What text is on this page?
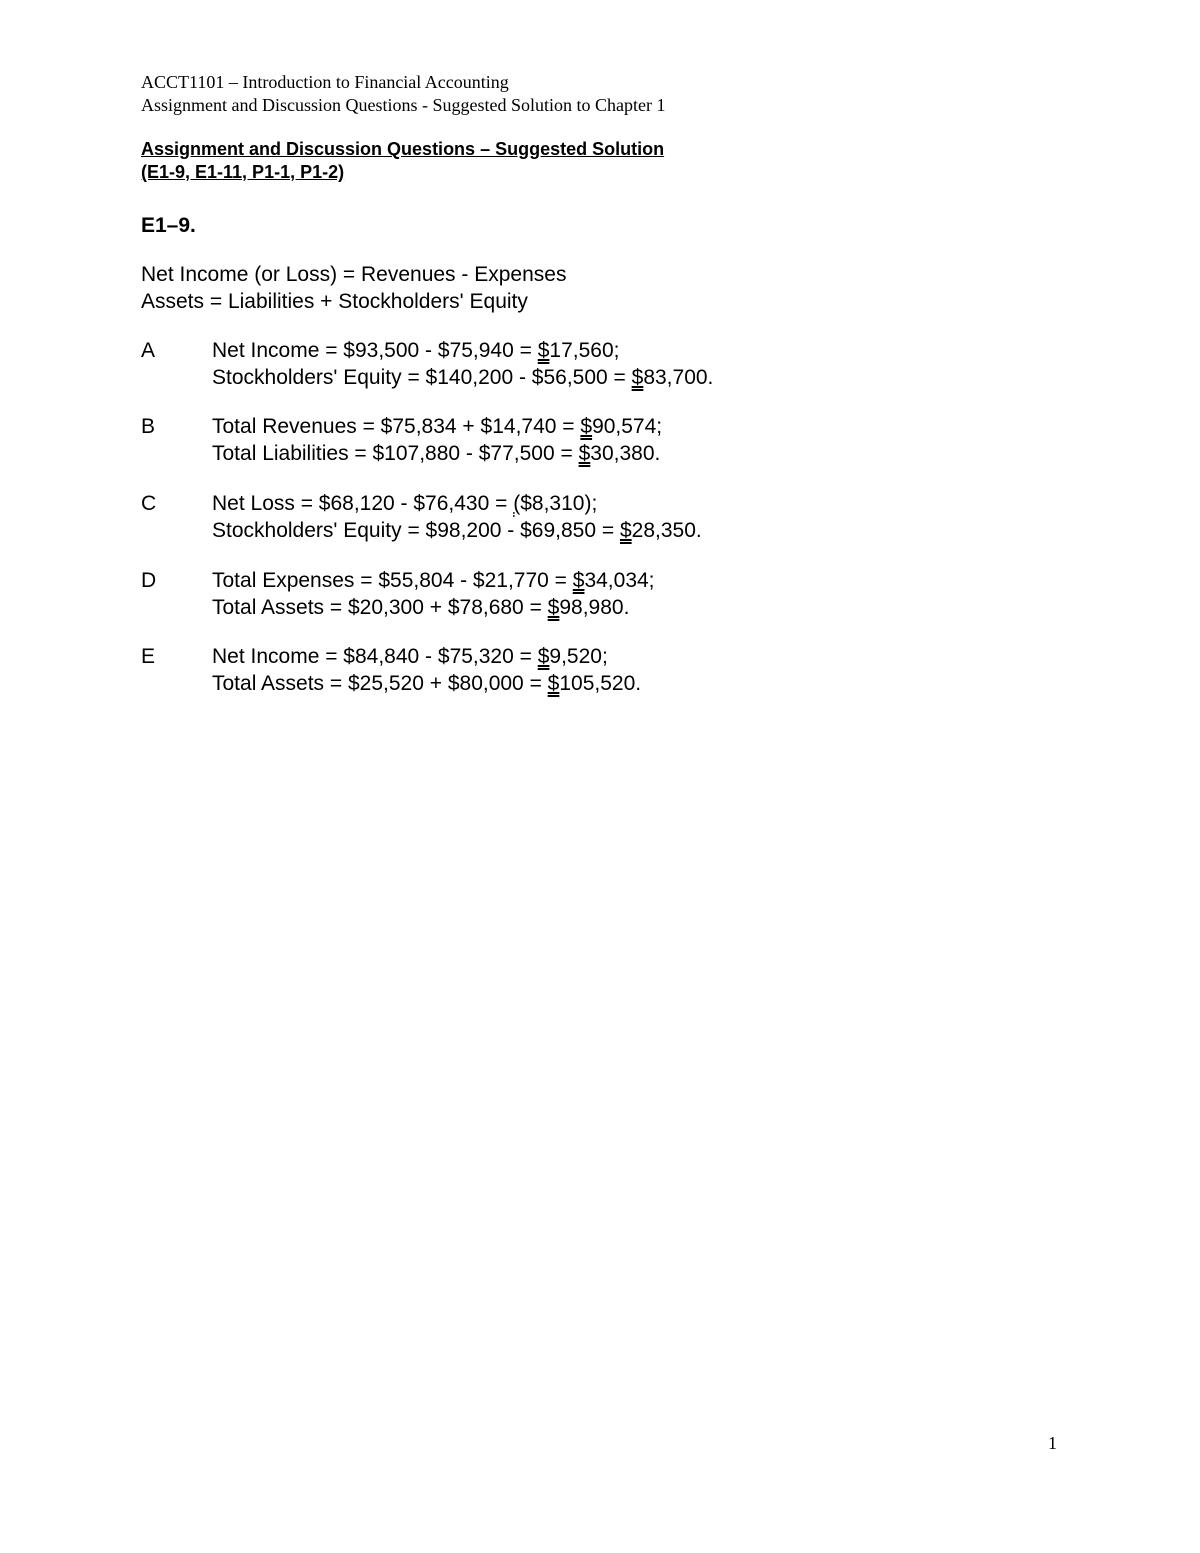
ACCT1101 – Introduction to Financial Accounting
Assignment and Discussion Questions - Suggested Solution to Chapter 1
Assignment and Discussion Questions – Suggested Solution
(E1-9, E1-11, P1-1, P1-2)
E1–9.
Net Income (or Loss) = Revenues - Expenses
Assets = Liabilities + Stockholders' Equity
A	Net Income = $93,500 - $75,940 = $17,560;
Stockholders' Equity = $140,200 - $56,500 = $83,700.
B	Total Revenues = $75,834 + $14,740 = $90,574;
Total Liabilities = $107,880 - $77,500 = $30,380.
C	Net Loss = $68,120 - $76,430 = ($8,310);
Stockholders' Equity = $98,200 - $69,850 = $28,350.
D	Total Expenses = $55,804 - $21,770 = $34,034;
Total Assets = $20,300 + $78,680 = $98,980.
E	Net Income = $84,840 - $75,320 = $9,520;
Total Assets = $25,520 + $80,000 = $105,520.
1
